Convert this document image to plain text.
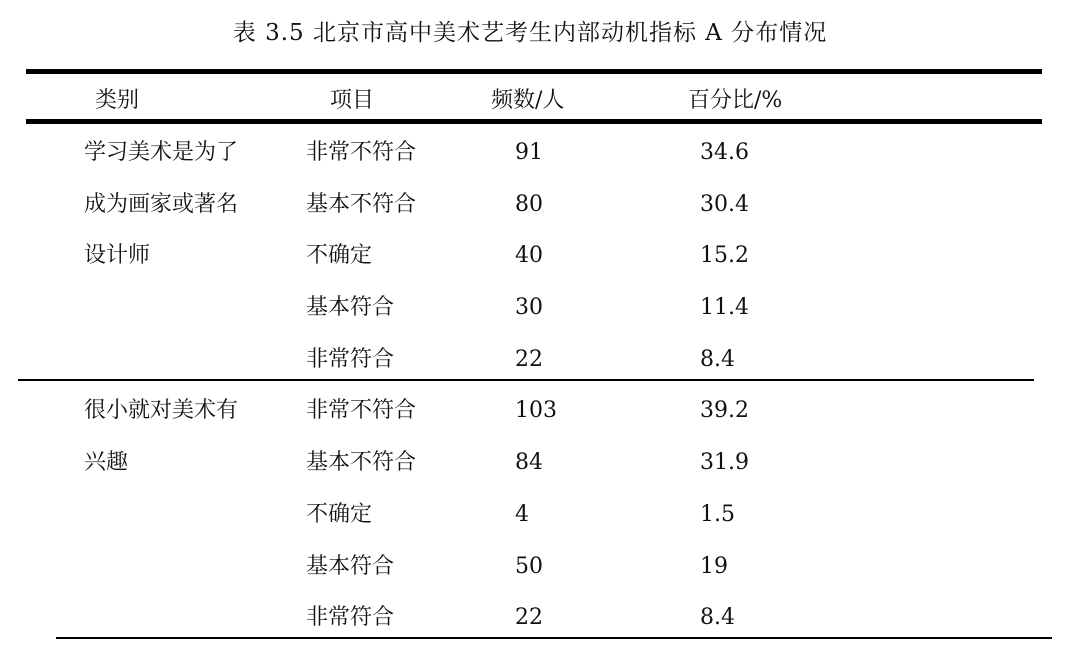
表 3.5 北京市高中美术艺考生内部动机指标 A 分布情况
类别	项目	频数/人	百分比/%
学习美术是为了
成为画家或著名
设计师
非常不符合	91	34.6
基本不符合	80	30.4
不确定	40	15.2
基本符合	30	11.4
非常符合	22	8.4
很小就对美术有
兴趣
非常不符合	103	39.2
基本不符合	84	31.9
不确定	4	1.5
基本符合	50	19
非常符合	22	8.4
